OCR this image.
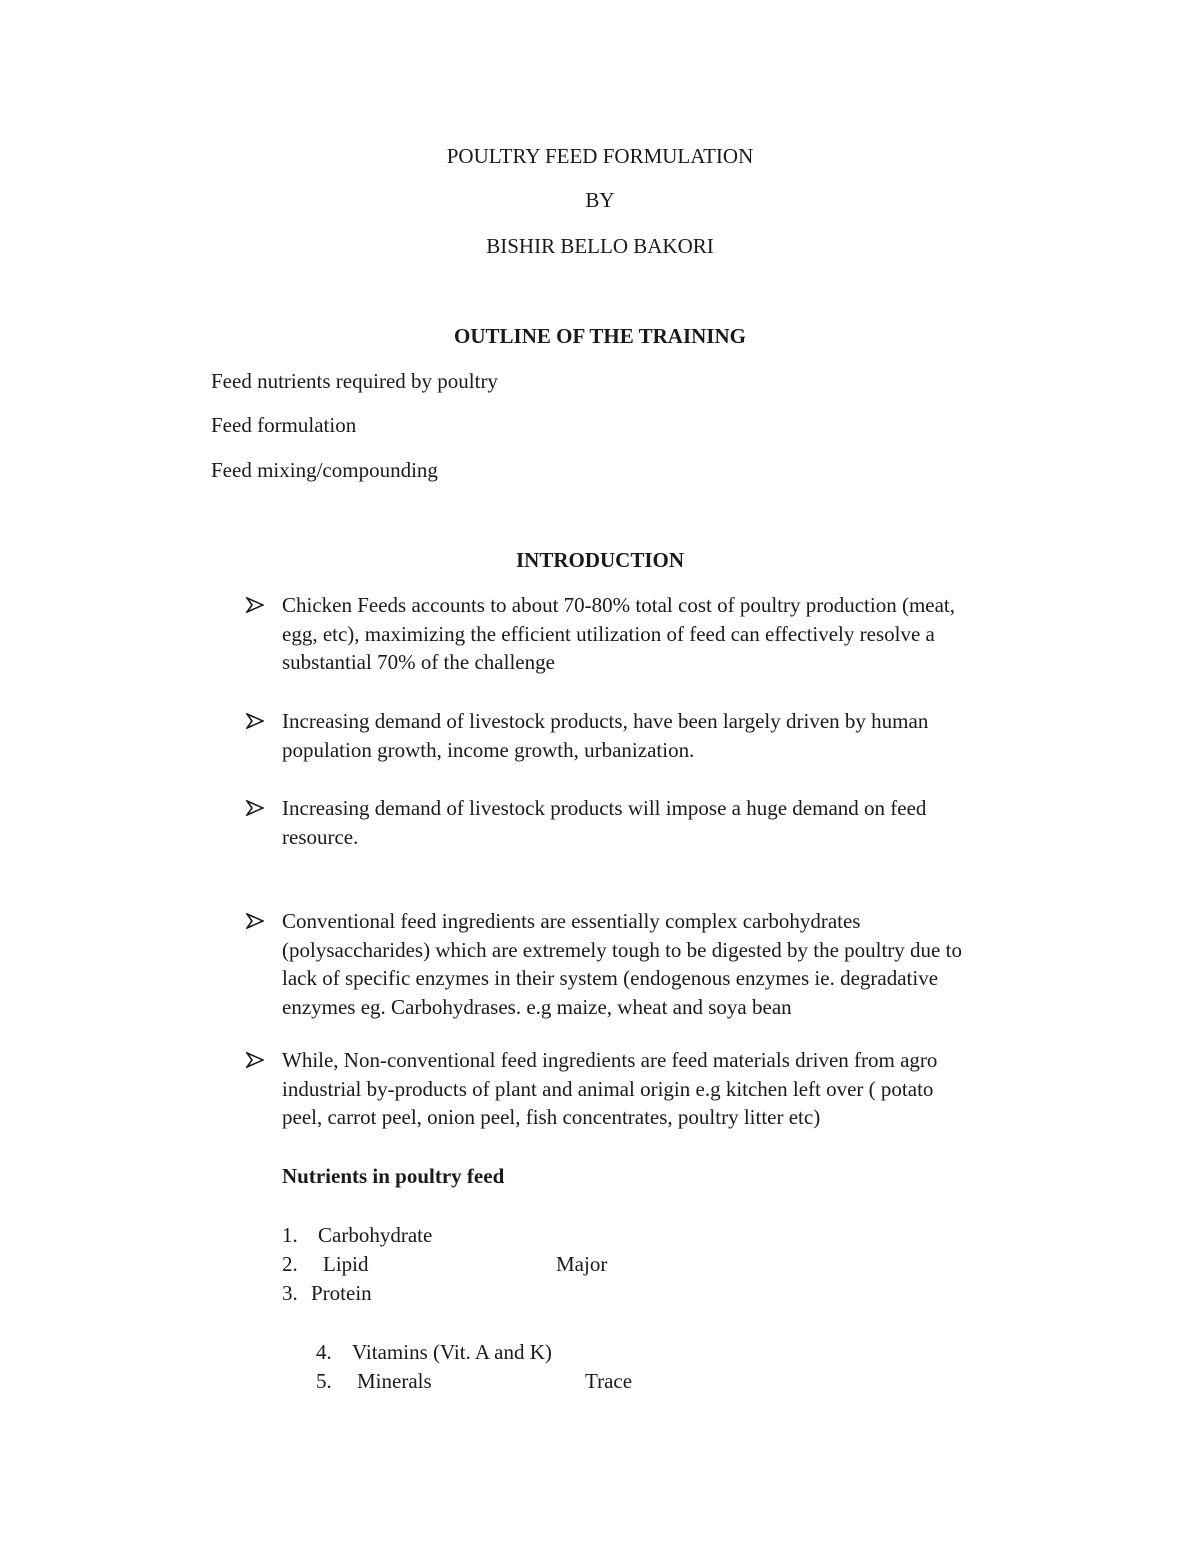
POULTRY FEED FORMULATION
BY
BISHIR BELLO BAKORI
OUTLINE OF THE TRAINING
Feed nutrients required by poultry
Feed formulation
Feed mixing/compounding
INTRODUCTION
Chicken Feeds accounts to about 70-80% total cost of poultry production (meat,
egg, etc), maximizing the efficient utilization of feed can effectively resolve a
substantial 70% of the challenge
Increasing demand of livestock products, have been largely driven by human
population growth, income growth, urbanization.
Increasing demand of livestock products will impose a huge demand on feed
resource.
Conventional feed ingredients are essentially complex carbohydrates
(polysaccharides) which are extremely tough to be digested by the poultry due to
lack of specific enzymes in their system (endogenous enzymes ie. degradative
enzymes eg. Carbohydrases. e.g maize, wheat and soya bean
While, Non-conventional feed ingredients are feed materials driven from agro
industrial by-products of plant and animal origin e.g kitchen left over ( potato
peel, carrot peel, onion peel, fish concentrates, poultry litter etc)
Nutrients in poultry feed
1. Carbohydrate
2. Lipid	Major
3. Protein
4. Vitamins (Vit. A and K)
5. Minerals	Trace
